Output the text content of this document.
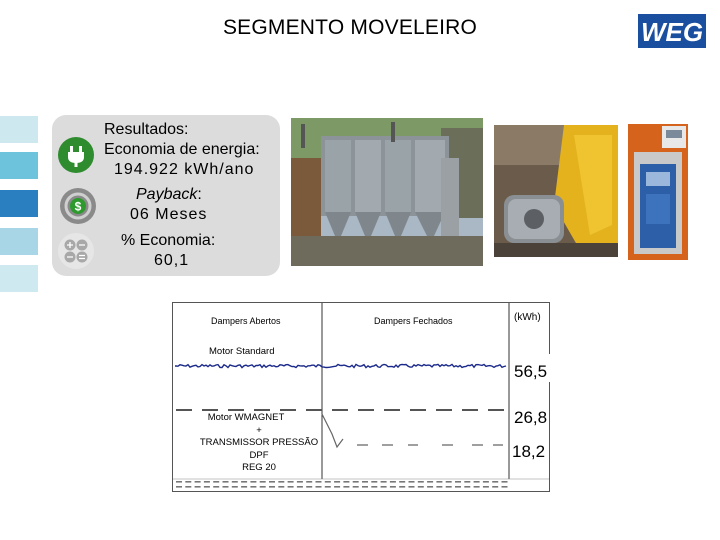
SEGMENTO MOVELEIRO	WEG
$
Resultados:
Economia de energia:
194.922 kWh/ano
Payback:
06 Meses
% Economia:
60,1
Dampers Abertos	Dampers Fechados	(kWh)
Motor Standard
Motor WMAGNET
+
TRANSMISSOR PRESSÃO
DPF
REG 20
56,5
26,8
18,2
